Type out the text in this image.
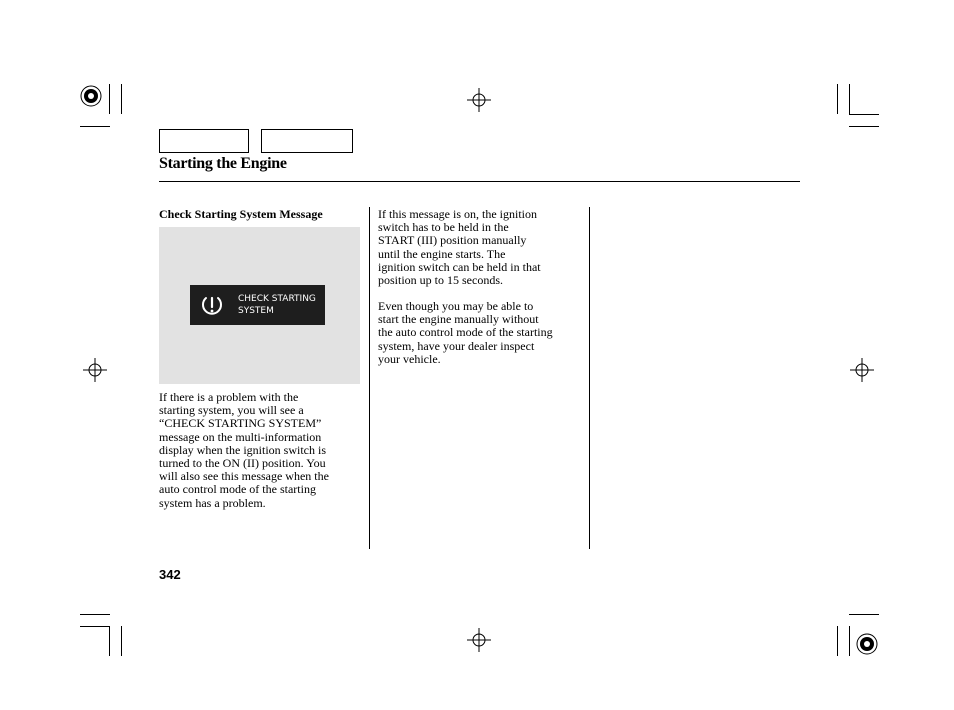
Starting the Engine
Check Starting System Message
CHECK STARTING
SYSTEM
If there is a problem with the
starting system, you will see a
“CHECK STARTING SYSTEM”
message on the multi-information
display when the ignition switch is
turned to the ON (II) position. You
will also see this message when the
auto control mode of the starting
system has a problem.
If this message is on, the ignition
switch has to be held in the
START (III) position manually
until the engine starts. The
ignition switch can be held in that
position up to 15 seconds.
Even though you may be able to
start the engine manually without
the auto control mode of the starting
system, have your dealer inspect
your vehicle.
342
